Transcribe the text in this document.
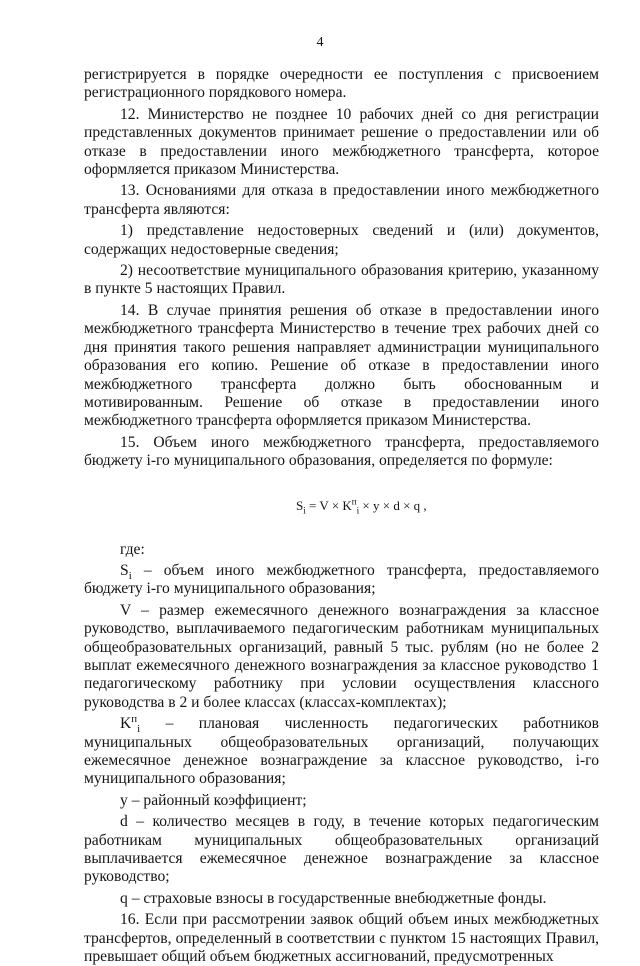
4

регистрируется в порядке очередности ее поступления с присвоением регистрационного порядкового номера.

12. Министерство не позднее 10 рабочих дней со дня регистрации представленных документов принимает решение о предоставлении или об отказе в предоставлении иного межбюджетного трансферта, которое оформляется приказом Министерства.

13. Основаниями для отказа в предоставлении иного межбюджетного трансферта являются:

1) представление недостоверных сведений и (или) документов, содержащих недостоверные сведения;

2) несоответствие муниципального образования критерию, указанному в пункте 5 настоящих Правил.

14. В случае принятия решения об отказе в предоставлении иного межбюджетного трансферта Министерство в течение трех рабочих дней со дня принятия такого решения направляет администрации муниципального образования его копию. Решение об отказе в предоставлении иного межбюджетного трансферта должно быть обоснованным и мотивированным. Решение об отказе в предоставлении иного межбюджетного трансферта оформляется приказом Министерства.

15. Объем иного межбюджетного трансферта, предоставляемого бюджету i-го муниципального образования, определяется по формуле:

$S_i = V \times K^п_i \times y \times d \times q$ ,

где:

$S_i$ – объем иного межбюджетного трансферта, предоставляемого бюджету i-го муниципального образования;

V – размер ежемесячного денежного вознаграждения за классное руководство, выплачиваемого педагогическим работникам муниципальных общеобразовательных организаций, равный 5 тыс. рублям (но не более 2 выплат ежемесячного денежного вознаграждения за классное руководство 1 педагогическому работнику при условии осуществления классного руководства в 2 и более классах (классах-комплектах);

$K^п_i$ – плановая численность педагогических работников муниципальных общеобразовательных организаций, получающих ежемесячное денежное вознаграждение за классное руководство, i-го муниципального образования;

y – районный коэффициент;

d – количество месяцев в году, в течение которых педагогическим работникам муниципальных общеобразовательных организаций выплачивается ежемесячное денежное вознаграждение за классное руководство;

q – страховые взносы в государственные внебюджетные фонды.

16. Если при рассмотрении заявок общий объем иных межбюджетных трансфертов, определенный в соответствии с пунктом 15 настоящих Правил, превышает общий объем бюджетных ассигнований, предусмотренных
